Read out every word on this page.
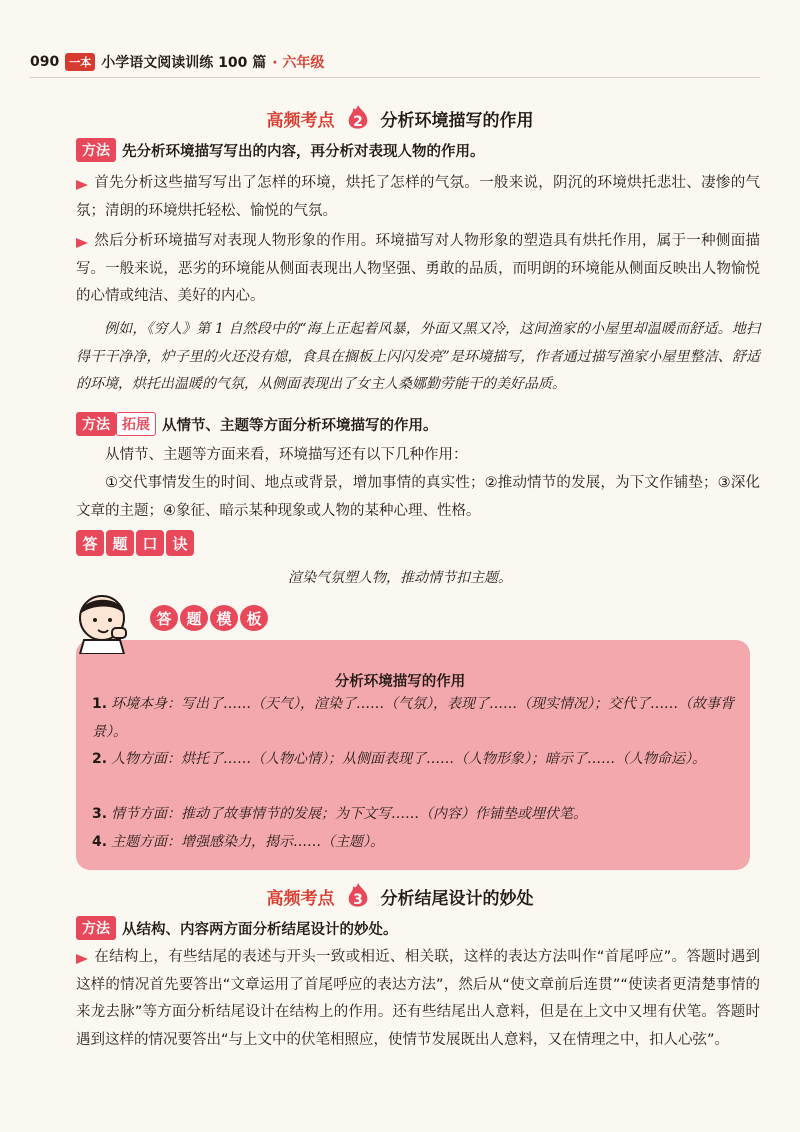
090 一本 小学语文阅读训练 100 篇 · 六年级
高频考点 2 分析环境描写的作用
方法 先分析环境描写写出的内容，再分析对表现人物的作用。
首先分析这些描写写出了怎样的环境，烘托了怎样的气氛。一般来说，阴沉的环境烘托悲壮、凄惨的气氛；清朗的环境烘托轻松、愉悦的气氛。
然后分析环境描写对表现人物形象的作用。环境描写对人物形象的塑造具有烘托作用，属于一种侧面描写。一般来说，恶劣的环境能从侧面表现出人物坚强、勇敢的品质，而明朗的环境能从侧面反映出人物愉悦的心情或纯洁、美好的内心。
例如，《穷人》第 1 自然段中的“海上正起着风暴，外面又黑又冷，这间渔家的小屋里却温暖而舒适。地扫得干干净净，炉子里的火还没有熄，食具在搁板上闪闪发亮”是环境描写，作者通过描写渔家小屋里整洁、舒适的环境，烘托出温暖的气氛，从侧面表现出了女主人桑娜勤劳能干的美好品质。
方法 拓展 从情节、主题等方面分析环境描写的作用。
从情节、主题等方面来看，环境描写还有以下几种作用：
①交代事情发生的时间、地点或背景，增加事情的真实性；②推动情节的发展，为下文作铺垫；③深化文章的主题；④象征、暗示某种现象或人物的某种心理、性格。
答 题 口 诀
渲染气氛塑人物，推动情节扣主题。
答 题 模 板
分析环境描写的作用
1. 环境本身：写出了……（天气），渲染了……（气氛），表现了……（现实情况）；交代了……（故事背景）。
2. 人物方面：烘托了……（人物心情）；从侧面表现了……（人物形象）；暗示了……（人物命运）。
3. 情节方面：推动了故事情节的发展；为下文写……（内容）作铺垫或埋伏笔。
4. 主题方面：增强感染力，揭示……（主题）。
高频考点 3 分析结尾设计的妙处
方法 从结构、内容两方面分析结尾设计的妙处。
在结构上，有些结尾的表述与开头一致或相近、相关联，这样的表达方法叫作“首尾呼应”。答题时遇到这样的情况首先要答出“文章运用了首尾呼应的表达方法”，然后从“使文章前后连贯”“使读者更清楚事情的来龙去脉”等方面分析结尾设计在结构上的作用。还有些结尾出人意料，但是在上文中又埋有伏笔。答题时遇到这样的情况要答出“与上文中的伏笔相照应，使情节发展既出人意料，又在情理之中，扣人心弦”。
